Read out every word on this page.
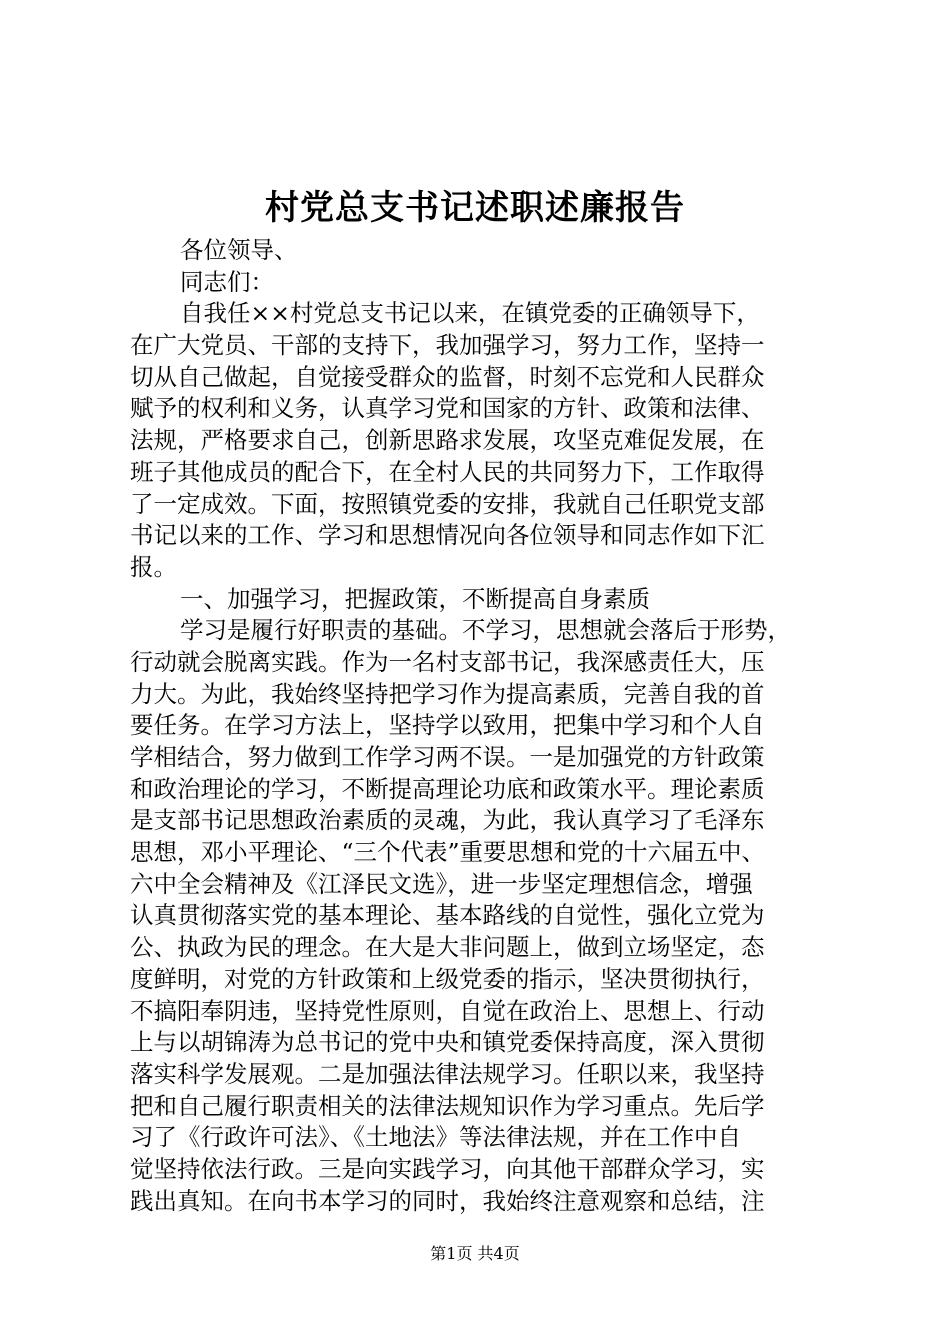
村党总支书记述职述廉报告
各位领导、
同志们：
自我任××村党总支书记以来，在镇党委的正确领导下，
在广大党员、干部的支持下，我加强学习，努力工作，坚持一
切从自己做起，自觉接受群众的监督，时刻不忘党和人民群众
赋予的权利和义务，认真学习党和国家的方针、政策和法律、
法规，严格要求自己，创新思路求发展，攻坚克难促发展，在
班子其他成员的配合下，在全村人民的共同努力下，工作取得
了一定成效。下面，按照镇党委的安排，我就自己任职党支部
书记以来的工作、学习和思想情况向各位领导和同志作如下汇
报。
一、加强学习，把握政策，不断提高自身素质
学习是履行好职责的基础。不学习，思想就会落后于形势，
行动就会脱离实践。作为一名村支部书记，我深感责任大，压
力大。为此，我始终坚持把学习作为提高素质，完善自我的首
要任务。在学习方法上，坚持学以致用，把集中学习和个人自
学相结合，努力做到工作学习两不误。一是加强党的方针政策
和政治理论的学习，不断提高理论功底和政策水平。理论素质
是支部书记思想政治素质的灵魂，为此，我认真学习了毛泽东
思想，邓小平理论、“三个代表”重要思想和党的十六届五中、
六中全会精神及《江泽民文选》，进一步坚定理想信念，增强
认真贯彻落实党的基本理论、基本路线的自觉性，强化立党为
公、执政为民的理念。在大是大非问题上，做到立场坚定，态
度鲜明，对党的方针政策和上级党委的指示，坚决贯彻执行，
不搞阳奉阴违，坚持党性原则，自觉在政治上、思想上、行动
上与以胡锦涛为总书记的党中央和镇党委保持高度，深入贯彻
落实科学发展观。二是加强法律法规学习。任职以来，我坚持
把和自己履行职责相关的法律法规知识作为学习重点。先后学
习了《行政许可法》、《土地法》等法律法规，并在工作中自
觉坚持依法行政。三是向实践学习，向其他干部群众学习，实
践出真知。在向书本学习的同时，我始终注意观察和总结，注
第1页 共4页
